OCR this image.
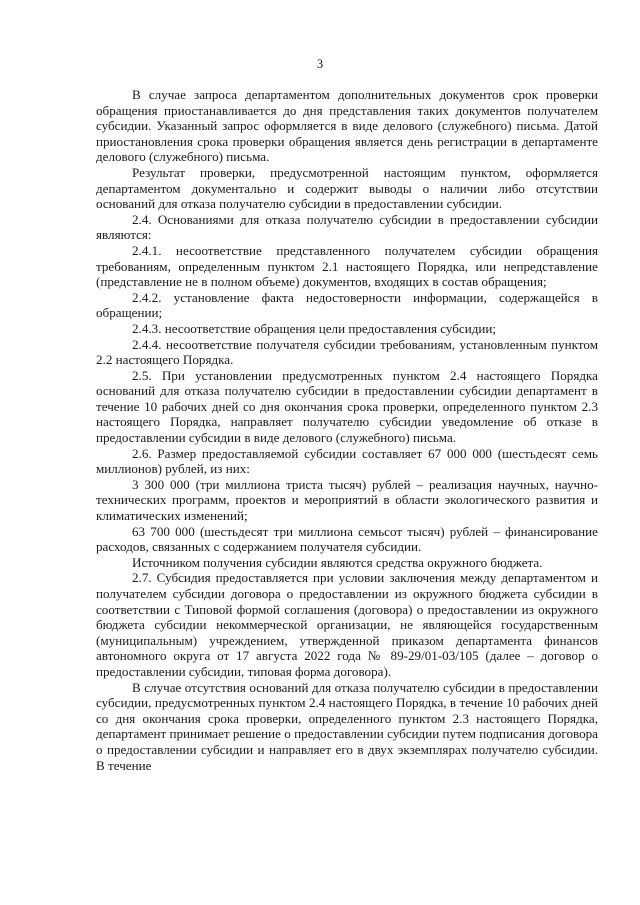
3

В случае запроса департаментом дополнительных документов срок проверки обращения приостанавливается до дня представления таких документов получателем субсидии. Указанный запрос оформляется в виде делового (служебного) письма. Датой приостановления срока проверки обращения является день регистрации в департаменте делового (служебного) письма.

Результат проверки, предусмотренной настоящим пунктом, оформляется департаментом документально и содержит выводы о наличии либо отсутствии оснований для отказа получателю субсидии в предоставлении субсидии.

2.4. Основаниями для отказа получателю субсидии в предоставлении субсидии являются:

2.4.1. несоответствие представленного получателем субсидии обращения требованиям, определенным пунктом 2.1 настоящего Порядка, или непредставление (представление не в полном объеме) документов, входящих в состав обращения;

2.4.2. установление факта недостоверности информации, содержащейся в обращении;

2.4.3. несоответствие обращения цели предоставления субсидии;

2.4.4. несоответствие получателя субсидии требованиям, установленным пунктом 2.2 настоящего Порядка.

2.5. При установлении предусмотренных пунктом 2.4 настоящего Порядка оснований для отказа получателю субсидии в предоставлении субсидии департамент в течение 10 рабочих дней со дня окончания срока проверки, определенного пунктом 2.3 настоящего Порядка, направляет получателю субсидии уведомление об отказе в предоставлении субсидии в виде делового (служебного) письма.

2.6. Размер предоставляемой субсидии составляет 67 000 000 (шестьдесят семь миллионов) рублей, из них:

3 300 000 (три миллиона триста тысяч) рублей – реализация научных, научно-технических программ, проектов и мероприятий в области экологического развития и климатических изменений;

63 700 000 (шестьдесят три миллиона семьсот тысяч) рублей – финансирование расходов, связанных с содержанием получателя субсидии.

Источником получения субсидии являются средства окружного бюджета.

2.7. Субсидия предоставляется при условии заключения между департаментом и получателем субсидии договора о предоставлении из окружного бюджета субсидии в соответствии с Типовой формой соглашения (договора) о предоставлении из окружного бюджета субсидии некоммерческой организации, не являющейся государственным (муниципальным) учреждением, утвержденной приказом департамента финансов автономного округа от 17 августа 2022 года № 89-29/01-03/105 (далее – договор о предоставлении субсидии, типовая форма договора).

В случае отсутствия оснований для отказа получателю субсидии в предоставлении субсидии, предусмотренных пунктом 2.4 настоящего Порядка, в течение 10 рабочих дней со дня окончания срока проверки, определенного пунктом 2.3 настоящего Порядка, департамент принимает решение о предоставлении субсидии путем подписания договора о предоставлении субсидии и направляет его в двух экземплярах получателю субсидии. В течение
